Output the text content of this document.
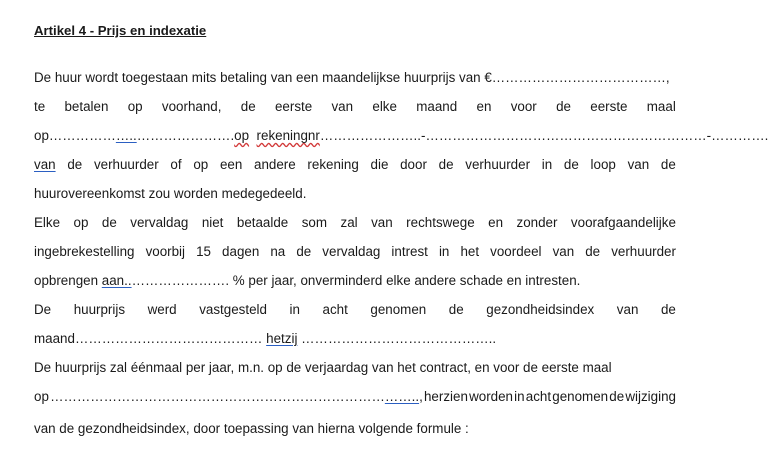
Artikel 4 - Prijs en indexatie
De huur wordt toegestaan mits betaling van een maandelijkse huurprijs van €…………………………………,
te betalen op voorhand, de eerste van elke maand en voor de eerste maal
op………………..…………………. op rekeningnr …………………..-………………………………………………………-………….
van de verhuurder of op een andere rekening die door de verhuurder in de loop van de
huurovereenkomst zou worden medegedeeld.
Elke op de vervaldag niet betaalde som zal van rechtswege en zonder voorafgaandelijke
ingebrekestelling voorbij 15 dagen na de vervaldag intrest in het voordeel van de verhuurder
opbrengen aan..…………………. % per jaar, onverminderd elke andere schade en intresten.
De huurprijs werd vastgesteld in acht genomen de gezondheidsindex van de
maand…………………………………… hetzij ……………………………………..
De huurprijs zal éénmaal per jaar, m.n. op de verjaardag van het contract, en voor de eerste maal
op ……………………………………………………………………….., herzien worden in acht genomen de wijziging
van de gezondheidsindex, door toepassing van hierna volgende formule :
